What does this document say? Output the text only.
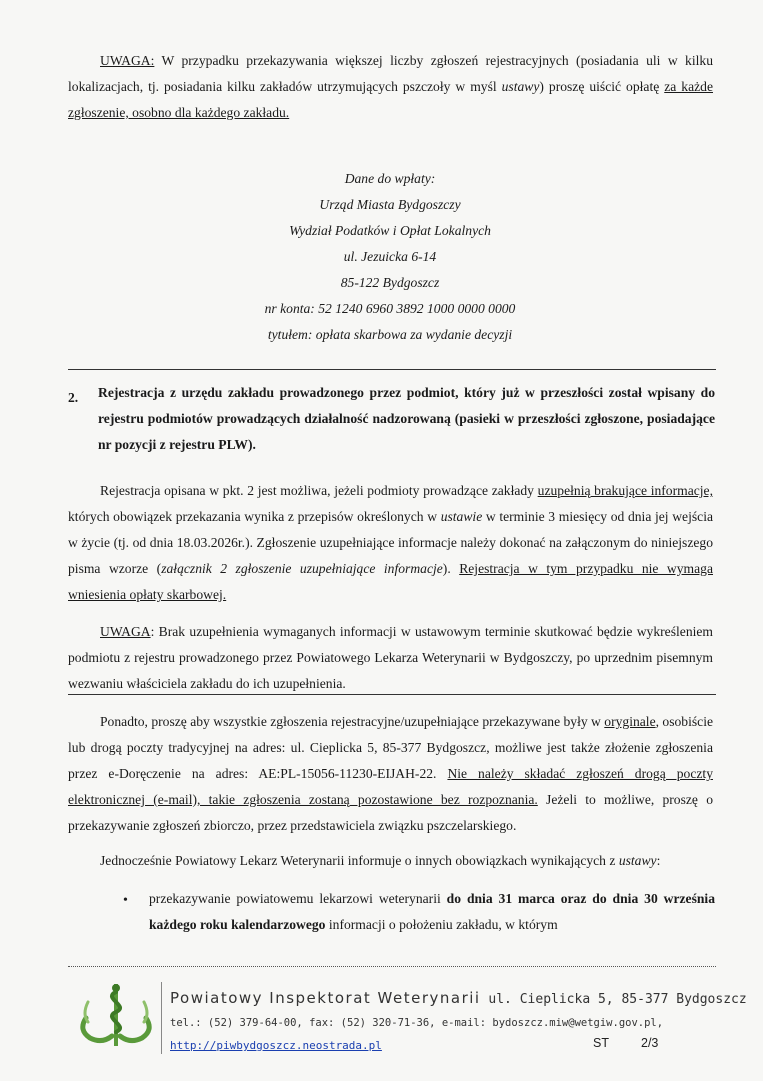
UWAGA: W przypadku przekazywania większej liczby zgłoszeń rejestracyjnych (posiadania uli w kilku lokalizacjach, tj. posiadania kilku zakładów utrzymujących pszczoły w myśl ustawy) proszę uiścić opłatę za każde zgłoszenie, osobno dla każdego zakładu.

Dane do wpłaty:
Urząd Miasta Bydgoszczy
Wydział Podatków i Opłat Lokalnych
ul. Jezuicka 6-14
85-122 Bydgoszcz
nr konta: 52 1240 6960 3892 1000 0000 0000
tytułem: opłata skarbowa za wydanie decyzji
2. Rejestracja z urzędu zakładu prowadzonego przez podmiot, który już w przeszłości został wpisany do rejestru podmiotów prowadzących działalność nadzorowaną (pasieki w przeszłości zgłoszone, posiadające nr pozycji z rejestru PLW).

Rejestracja opisana w pkt. 2 jest możliwa, jeżeli podmioty prowadzące zakłady uzupełnią brakujące informacje, których obowiązek przekazania wynika z przepisów określonych w ustawie w terminie 3 miesięcy od dnia jej wejścia w życie (tj. od dnia 18.03.2026r.). Zgłoszenie uzupełniające informacje należy dokonać na załączonym do niniejszego pisma wzorze (załącznik 2 zgłoszenie uzupełniające informacje). Rejestracja w tym przypadku nie wymaga wniesienia opłaty skarbowej.

UWAGA: Brak uzupełnienia wymaganych informacji w ustawowym terminie skutkować będzie wykreśleniem podmiotu z rejestru prowadzonego przez Powiatowego Lekarza Weterynarii w Bydgoszczy, po uprzednim pisemnym wezwaniu właściciela zakładu do ich uzupełnienia.

Ponadto, proszę aby wszystkie zgłoszenia rejestracyjne/uzupełniające przekazywane były w oryginale, osobiście lub drogą poczty tradycyjnej na adres: ul. Cieplicka 5, 85-377 Bydgoszcz, możliwe jest także złożenie zgłoszenia przez e-Doręczenie na adres: AE:PL-15056-11230-EIJAH-22. Nie należy składać zgłoszeń drogą poczty elektronicznej (e-mail), takie zgłoszenia zostaną pozostawione bez rozpoznania. Jeżeli to możliwe, proszę o przekazywanie zgłoszeń zbiorczo, przez przedstawiciela związku pszczelarskiego.

Jednocześnie Powiatowy Lekarz Weterynarii informuje o innych obowiązkach wynikających z ustawy:

• przekazywanie powiatowemu lekarzowi weterynarii do dnia 31 marca oraz do dnia 30 września każdego roku kalendarzowego informacji o położeniu zakładu, w którym

Powiatowy Inspektorat Weterynarii ul. Cieplicka 5, 85-377 Bydgoszcz
tel.: (52) 379-64-00, fax: (52) 320-71-36, e-mail: bydoszcz.miw@wetgiw.gov.pl,
http://piwbydgoszcz.neostrada.pl	ST	2/3
